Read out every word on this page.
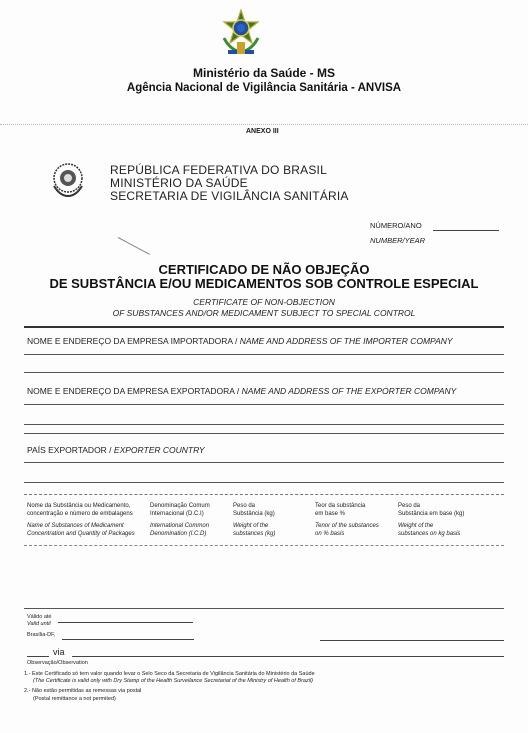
Ministério da Saúde - MS
Agência Nacional de Vigilância Sanitária - ANVISA
ANEXO III
REPÚBLICA FEDERATIVA DO BRASIL
MINISTÉRIO DA SAÚDE
SECRETARIA DE VIGILÂNCIA SANITÁRIA
NÚMERO/ANO
NUMBER/YEAR
CERTIFICADO DE NÃO OBJEÇÃO
DE SUBSTÂNCIA E/OU MEDICAMENTOS SOB CONTROLE ESPECIAL
CERTIFICATE OF NON-OBJECTION
OF SUBSTANCES AND/OR MEDICAMENT SUBJECT TO SPECIAL CONTROL
NOME E ENDEREÇO DA EMPRESA IMPORTADORA / NAME AND ADDRESS OF THE IMPORTER COMPANY
NOME E ENDEREÇO DA EMPRESA EXPORTADORA / NAME AND ADDRESS OF THE EXPORTER COMPANY
PAÍS EXPORTADOR / EXPORTER COUNTRY
Nome da Substância ou Medicamento,
concentração e número de embalagens
Name of Substances of Medicament
Concentration and Quantity of Packages
Denominação Comum
Internacional (D.C.I)
International Common
Denomination (I.C.D)
Peso da
Substância (kg)
Weight of the
substances (kg)
Teor da substância
em base %
Tenor of the substances
on % basis
Peso da
Substância em base (kg)
Weight of the
substances on kg basis
Válido até
Valid until
Brasília-DF,
via
Observação/Observation
1.- Este Certificado só tem valor quando levar o Selo Seco da Secretaria de Vigilância Sanitária do Ministério da Saúde
(The Certificate is valid only with Dry Stamp of the Health Surveilance Secretariat of the Ministry of Health of Brazil)
2.- Não estão permitidas as remessas via postal
(Postal remittance a not permited)
